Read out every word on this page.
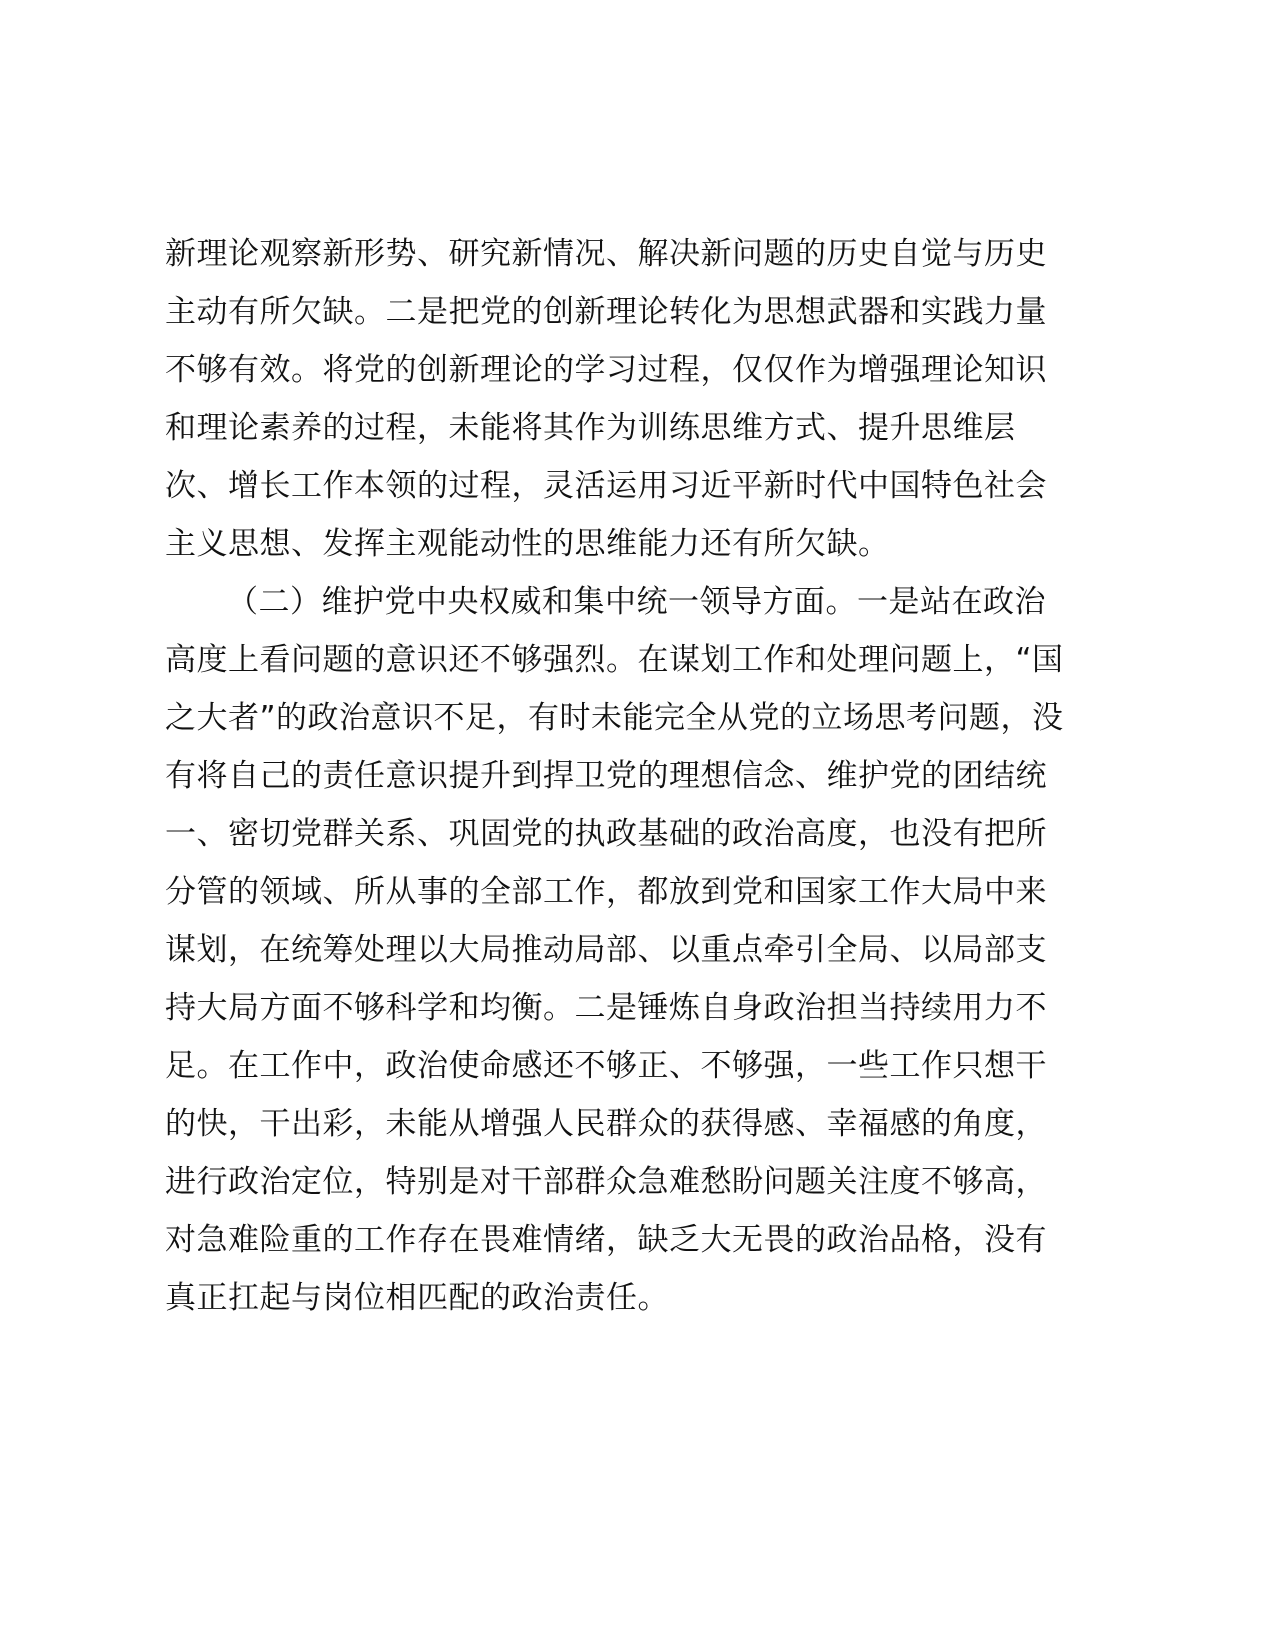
新理论观察新形势、研究新情况、解决新问题的历史自觉与历史
主动有所欠缺。二是把党的创新理论转化为思想武器和实践力量
不够有效。将党的创新理论的学习过程，仅仅作为增强理论知识
和理论素养的过程，未能将其作为训练思维方式、提升思维层
次、增长工作本领的过程，灵活运用习近平新时代中国特色社会
主义思想、发挥主观能动性的思维能力还有所欠缺。
（二）维护党中央权威和集中统一领导方面。一是站在政治
高度上看问题的意识还不够强烈。在谋划工作和处理问题上，“国
之大者”的政治意识不足，有时未能完全从党的立场思考问题，没
有将自己的责任意识提升到捍卫党的理想信念、维护党的团结统
一、密切党群关系、巩固党的执政基础的政治高度，也没有把所
分管的领域、所从事的全部工作，都放到党和国家工作大局中来
谋划，在统筹处理以大局推动局部、以重点牵引全局、以局部支
持大局方面不够科学和均衡。二是锤炼自身政治担当持续用力不
足。在工作中，政治使命感还不够正、不够强，一些工作只想干
的快，干出彩，未能从增强人民群众的获得感、幸福感的角度，
进行政治定位，特别是对干部群众急难愁盼问题关注度不够高，
对急难险重的工作存在畏难情绪，缺乏大无畏的政治品格，没有
真正扛起与岗位相匹配的政治责任。
